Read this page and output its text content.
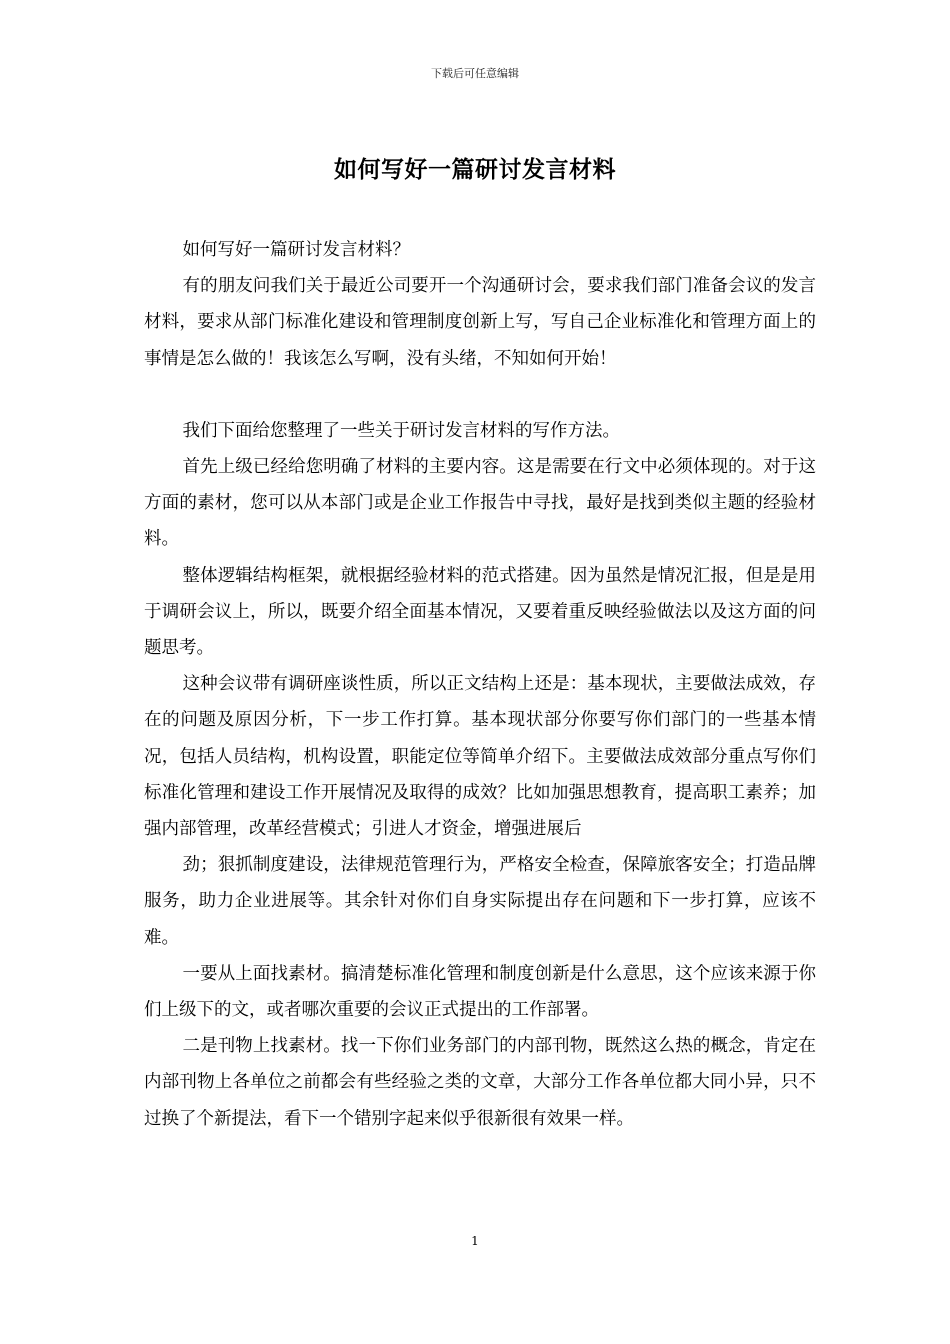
下载后可任意编辑
如何写好一篇研讨发言材料

如何写好一篇研讨发言材料？

有的朋友问我们关于最近公司要开一个沟通研讨会，要求我们部门准备会议的发言材料，要求从部门标准化建设和管理制度创新上写，写自己企业标准化和管理方面上的事情是怎么做的！我该怎么写啊，没有头绪，不知如何开始！

我们下面给您整理了一些关于研讨发言材料的写作方法。

首先上级已经给您明确了材料的主要内容。这是需要在行文中必须体现的。对于这方面的素材，您可以从本部门或是企业工作报告中寻找，最好是找到类似主题的经验材料。

整体逻辑结构框架，就根据经验材料的范式搭建。因为虽然是情况汇报，但是是用于调研会议上，所以，既要介绍全面基本情况，又要着重反映经验做法以及这方面的问题思考。

这种会议带有调研座谈性质，所以正文结构上还是：基本现状，主要做法成效，存在的问题及原因分析，下一步工作打算。基本现状部分你要写你们部门的一些基本情况，包括人员结构，机构设置，职能定位等简单介绍下。主要做法成效部分重点写你们标准化管理和建设工作开展情况及取得的成效？比如加强思想教育，提高职工素养；加强内部管理，改革经营模式；引进人才资金，增强进展后

劲；狠抓制度建设，法律规范管理行为，严格安全检查，保障旅客安全；打造品牌服务，助力企业进展等。其余针对你们自身实际提出存在问题和下一步打算，应该不难。

一要从上面找素材。搞清楚标准化管理和制度创新是什么意思，这个应该来源于你们上级下的文，或者哪次重要的会议正式提出的工作部署。

二是刊物上找素材。找一下你们业务部门的内部刊物，既然这么热的概念，肯定在内部刊物上各单位之前都会有些经验之类的文章，大部分工作各单位都大同小异，只不过换了个新提法，看下一个错别字起来似乎很新很有效果一样。

1
